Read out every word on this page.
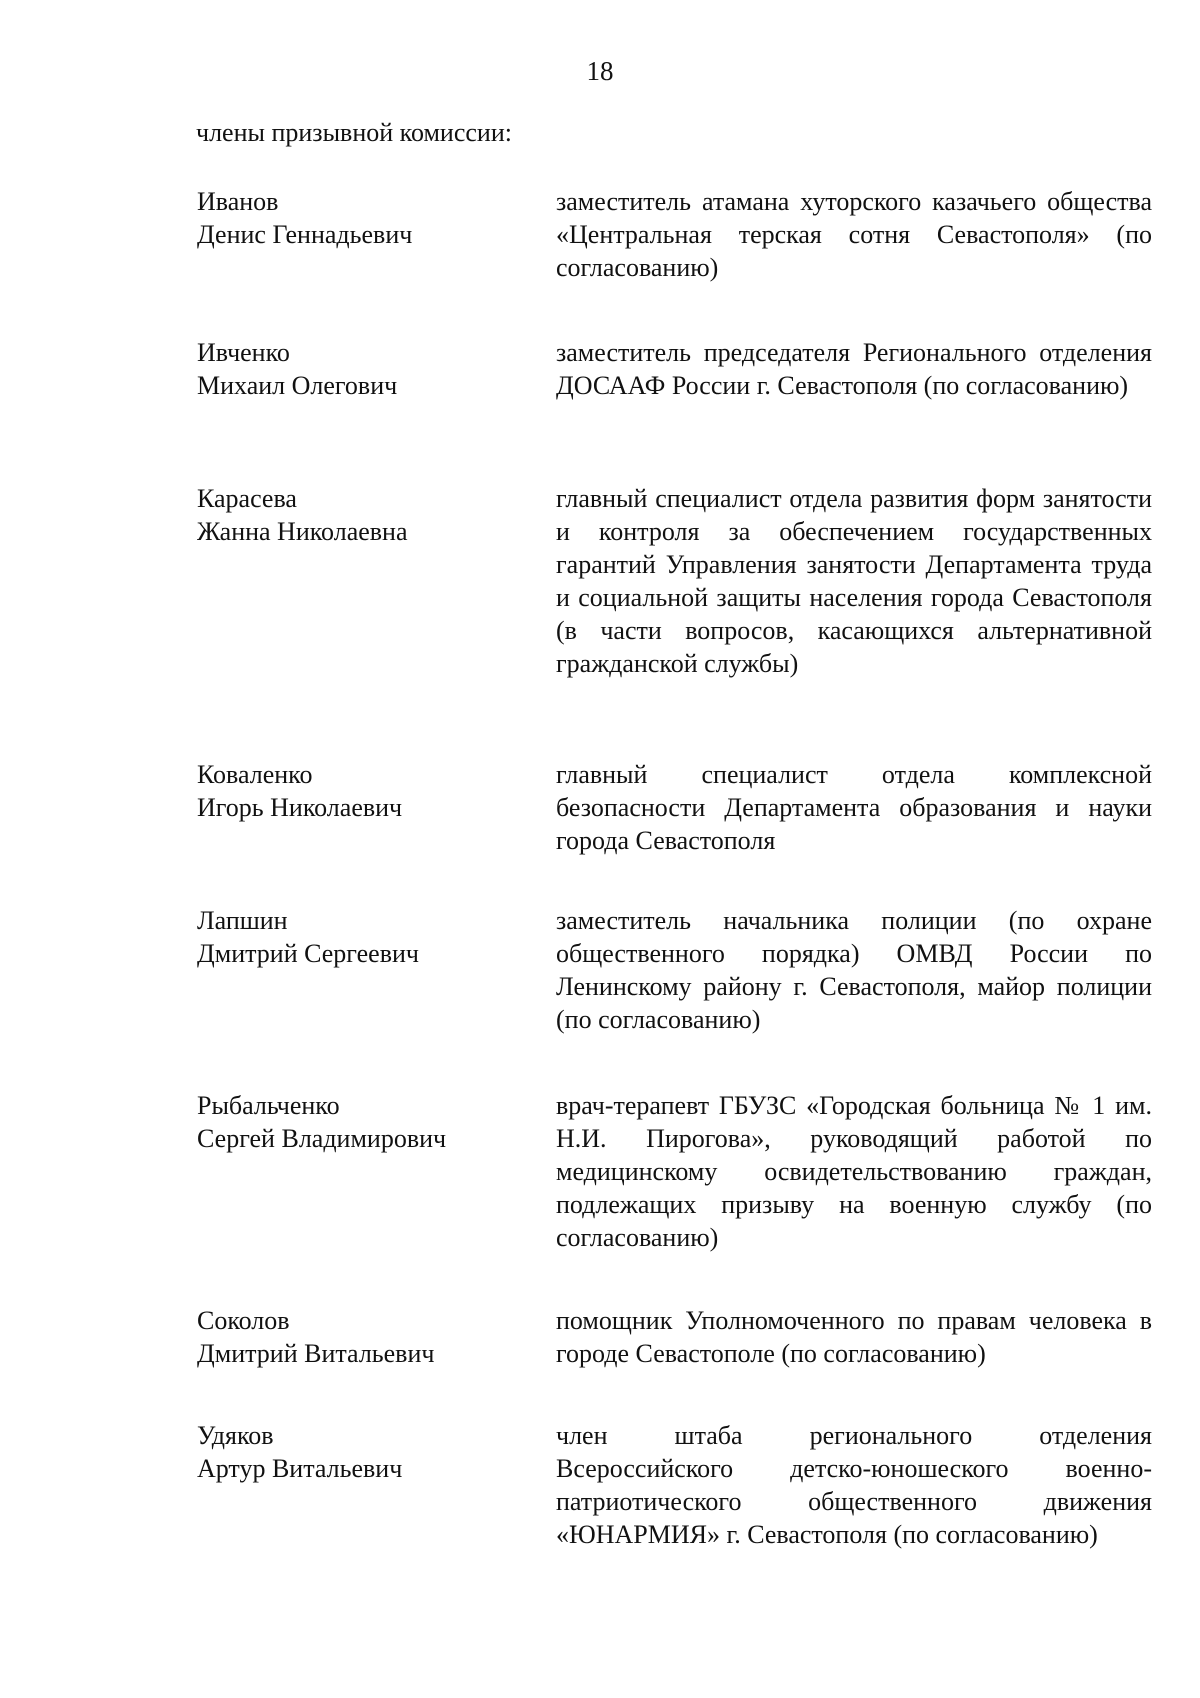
18
члены призывной комиссии:
Иванов
Денис Геннадьевич
заместитель атамана хуторского казачьего общества «Центральная терская сотня Севастополя» (по согласованию)
Ивченко
Михаил Олегович
заместитель председателя Регионального отделения ДОСААФ России г. Севастополя (по согласованию)
Карасева
Жанна Николаевна
главный специалист отдела развития форм занятости и контроля за обеспечением государственных гарантий Управления занятости Департамента труда и социальной защиты населения города Севастополя (в части вопросов, касающихся альтернативной гражданской службы)
Коваленко
Игорь Николаевич
главный специалист отдела комплексной безопасности Департамента образования и науки города Севастополя
Лапшин
Дмитрий Сергеевич
заместитель начальника полиции (по охране общественного порядка) ОМВД России по Ленинскому району г. Севастополя, майор полиции (по согласованию)
Рыбальченко
Сергей Владимирович
врач-терапевт ГБУЗС «Городская больница № 1 им. Н.И. Пирогова», руководящий работой по медицинскому освидетельствованию граждан, подлежащих призыву на военную службу (по согласованию)
Соколов
Дмитрий Витальевич
помощник Уполномоченного по правам человека в городе Севастополе (по согласованию)
Удяков
Артур Витальевич
член штаба регионального отделения Всероссийского детско-юношеского военно-патриотического общественного движения «ЮНАРМИЯ» г. Севастополя (по согласованию)
